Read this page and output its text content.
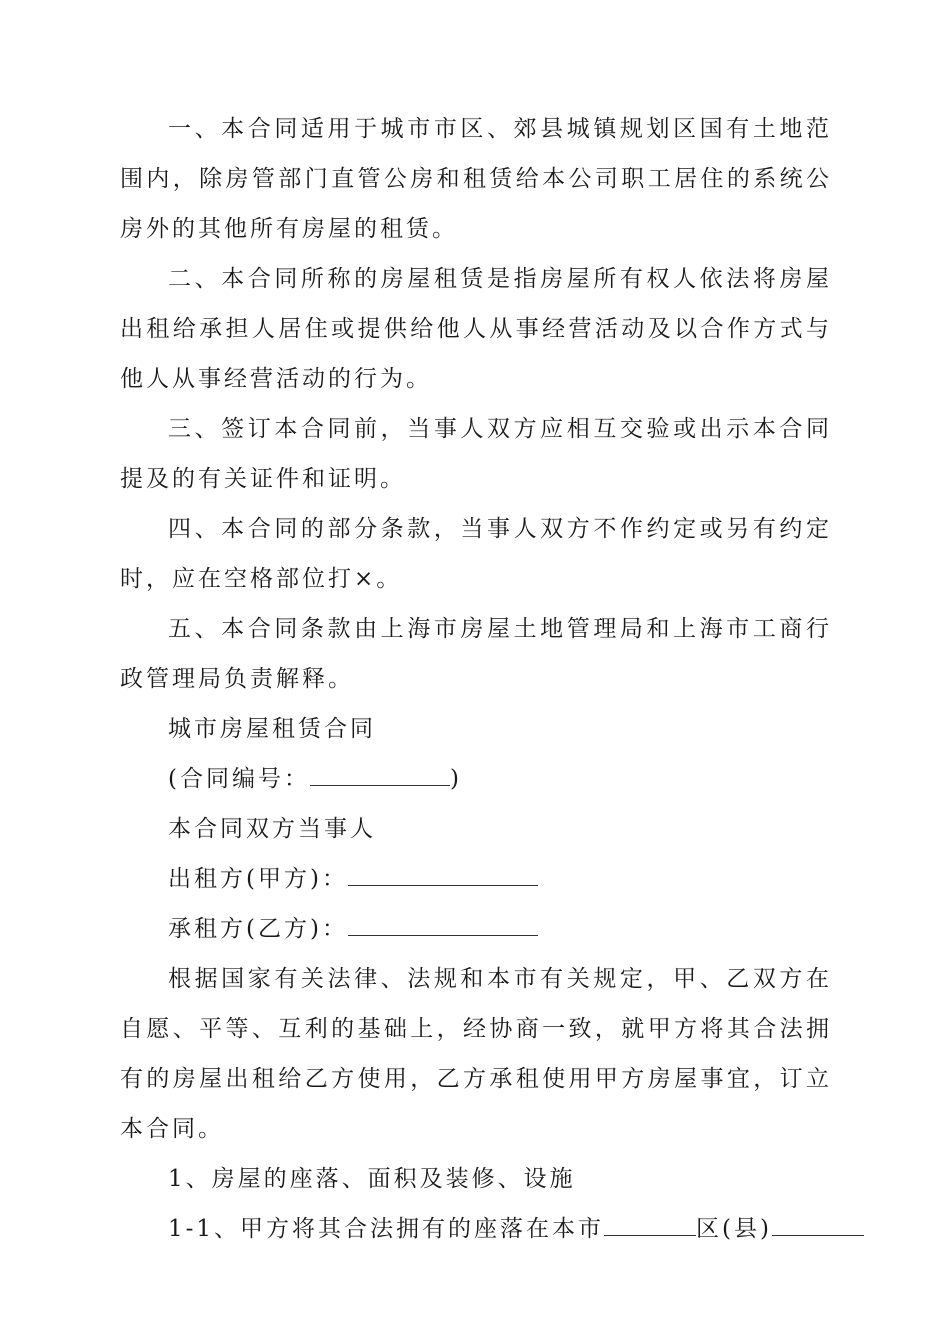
一、本合同适用于城市市区、郊县城镇规划区国有土地范围内，除房管部门直管公房和租赁给本公司职工居住的系统公房外的其他所有房屋的租赁。

二、本合同所称的房屋租赁是指房屋所有权人依法将房屋出租给承担人居住或提供给他人从事经营活动及以合作方式与他人从事经营活动的行为。

三、签订本合同前，当事人双方应相互交验或出示本合同提及的有关证件和证明。

四、本合同的部分条款，当事人双方不作约定或另有约定时，应在空格部位打×。

五、本合同条款由上海市房屋土地管理局和上海市工商行政管理局负责解释。

城市房屋租赁合同

(合同编号：	)

本合同双方当事人

出租方(甲方)：

承租方(乙方)：

根据国家有关法律、法规和本市有关规定，甲、乙双方在自愿、平等、互利的基础上，经协商一致，就甲方将其合法拥有的房屋出租给乙方使用，乙方承租使用甲方房屋事宜，订立本合同。

1、房屋的座落、面积及装修、设施

1-1、甲方将其合法拥有的座落在本市	区(县)
